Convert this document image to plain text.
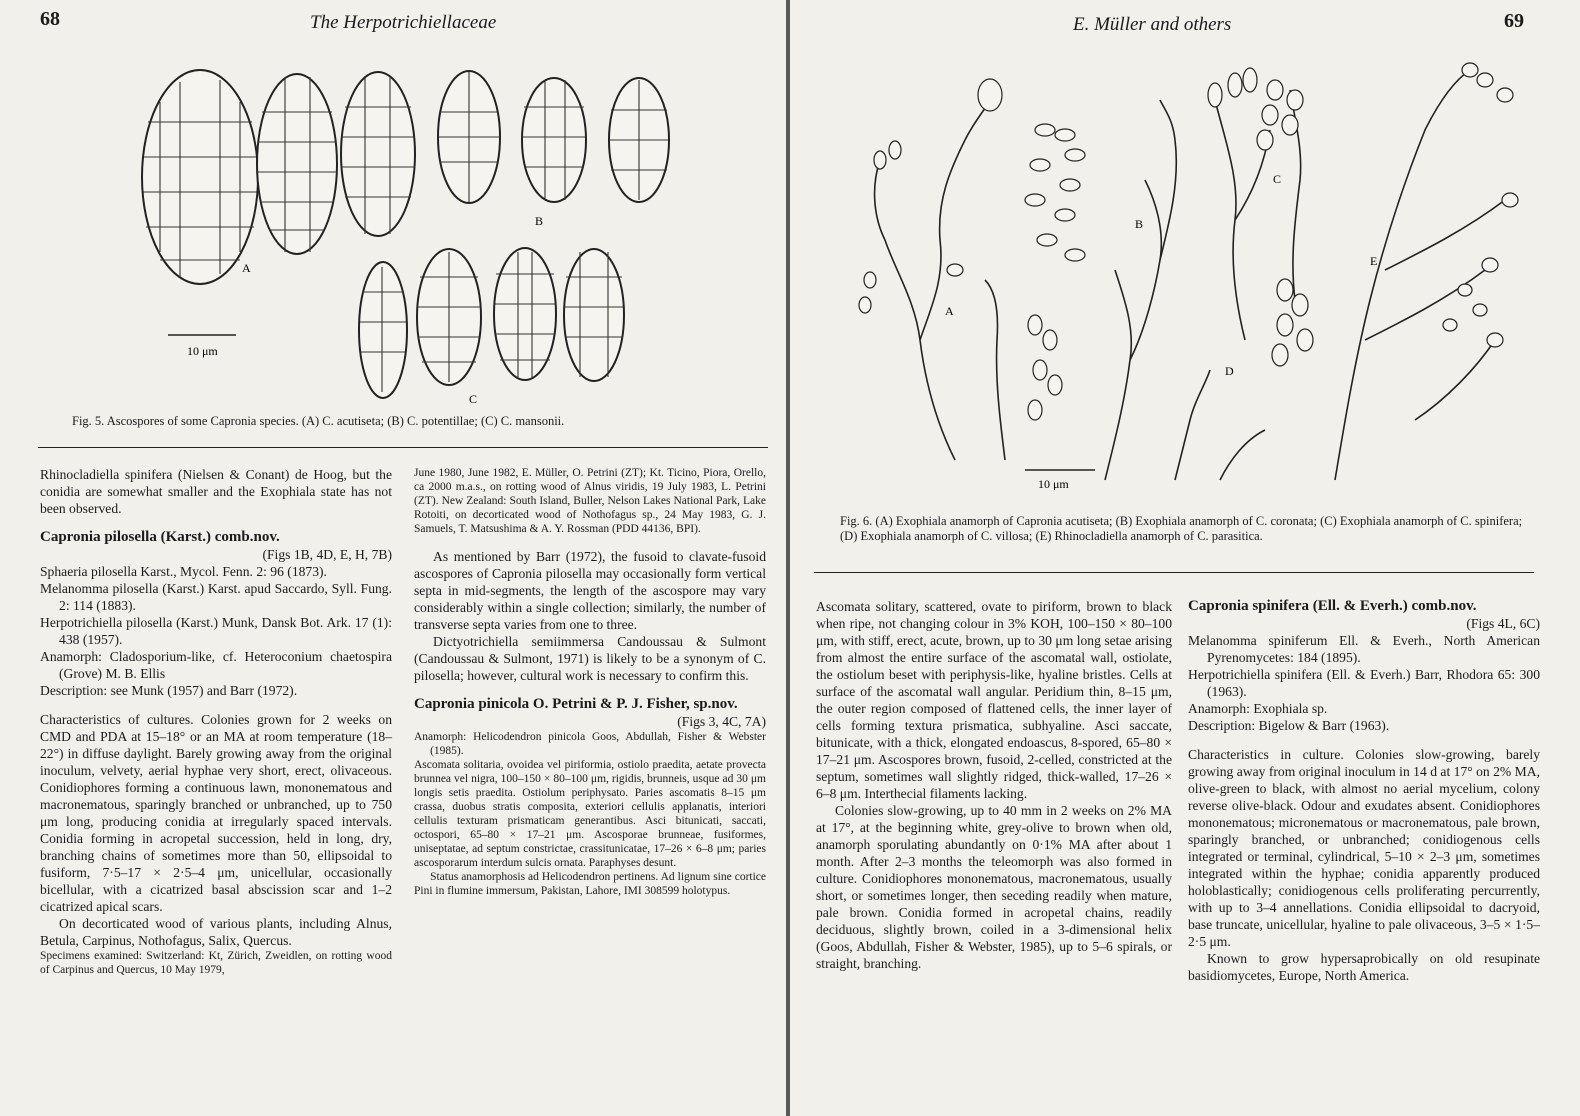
68	The Herpotrichiellaceae
A
B
C
10 μm
Fig. 5. Ascospores of some Capronia species. (A) C. acutiseta; (B) C. potentillae; (C) C. mansonii.

Rhinocladiella spinifera (Nielsen & Conant) de Hoog, but the conidia are somewhat smaller and the Exophiala state has not been observed.

Capronia pilosella (Karst.) comb.nov.

(Figs 1B, 4D, E, H, 7B)

Sphaeria pilosella Karst., Mycol. Fenn. 2: 96 (1873).

Melanomma pilosella (Karst.) Karst. apud Saccardo, Syll. Fung. 2: 114 (1883).

Herpotrichiella pilosella (Karst.) Munk, Dansk Bot. Ark. 17 (1): 438 (1957).

Anamorph: Cladosporium-like, cf. Heteroconium chaetospira (Grove) M. B. Ellis

Description: see Munk (1957) and Barr (1972).

Characteristics of cultures. Colonies grown for 2 weeks on CMD and PDA at 15–18° or an MA at room temperature (18–22°) in diffuse daylight. Barely growing away from the original inoculum, velvety, aerial hyphae very short, erect, olivaceous. Conidiophores forming a continuous lawn, mononematous and macronematous, sparingly branched or unbranched, up to 750 μm long, producing conidia at irregularly spaced intervals. Conidia forming in acropetal succession, held in long, dry, branching chains of sometimes more than 50, ellipsoidal to fusiform, 7·5–17 × 2·5–4 μm, unicellular, occasionally bicellular, with a cicatrized basal abscission scar and 1–2 cicatrized apical scars.

On decorticated wood of various plants, including Alnus, Betula, Carpinus, Nothofagus, Salix, Quercus.

Specimens examined: Switzerland: Kt, Zürich, Zweidlen, on rotting wood of Carpinus and Quercus, 10 May 1979,

June 1980, June 1982, E. Müller, O. Petrini (ZT); Kt. Ticino, Piora, Orello, ca 2000 m.a.s., on rotting wood of Alnus viridis, 19 July 1983, L. Petrini (ZT). New Zealand: South Island, Buller, Nelson Lakes National Park, Lake Rotoiti, on decorticated wood of Nothofagus sp., 24 May 1983, G. J. Samuels, T. Matsushima & A. Y. Rossman (PDD 44136, BPI).

As mentioned by Barr (1972), the fusoid to clavate-fusoid ascospores of Capronia pilosella may occasionally form vertical septa in mid-segments, the length of the ascospore may vary considerably within a single collection; similarly, the number of transverse septa varies from one to three.

Dictyotrichiella semiimmersa Candoussau & Sulmont (Candoussau & Sulmont, 1971) is likely to be a synonym of C. pilosella; however, cultural work is necessary to confirm this.

Capronia pinicola O. Petrini & P. J. Fisher, sp.nov.

(Figs 3, 4C, 7A)

Anamorph: Helicodendron pinicola Goos, Abdullah, Fisher & Webster (1985).

Ascomata solitaria, ovoidea vel piriformia, ostiolo praedita, aetate provecta brunnea vel nigra, 100–150 × 80–100 μm, rigidis, brunneis, usque ad 30 μm longis setis praedita. Ostiolum periphysato. Paries ascomatis 8–15 μm crassa, duobus stratis composita, exteriori cellulis applanatis, interiori cellulis texturam prismaticam generantibus. Asci bitunicati, saccati, octospori, 65–80 × 17–21 μm. Ascosporae brunneae, fusiformes, uniseptatae, ad septum constrictae, crassitunicatae, 17–26 × 6–8 μm; paries ascosporarum interdum sulcis ornata. Paraphyses desunt.

Status anamorphosis ad Helicodendron pertinens. Ad lignum sine cortice Pini in flumine immersum, Pakistan, Lahore, IMI 308599 holotypus.

E. Müller and others	69
A
B
C
D
E
10 μm
Fig. 6. (A) Exophiala anamorph of Capronia acutiseta; (B) Exophiala anamorph of C. coronata; (C) Exophiala anamorph of C. spinifera; (D) Exophiala anamorph of C. villosa; (E) Rhinocladiella anamorph of C. parasitica.

Ascomata solitary, scattered, ovate to piriform, brown to black when ripe, not changing colour in 3% KOH, 100–150 × 80–100 μm, with stiff, erect, acute, brown, up to 30 μm long setae arising from almost the entire surface of the ascomatal wall, ostiolate, the ostiolum beset with periphysis-like, hyaline bristles. Cells at surface of the ascomatal wall angular. Peridium thin, 8–15 μm, the outer region composed of flattened cells, the inner layer of cells forming textura prismatica, subhyaline. Asci saccate, bitunicate, with a thick, elongated endoascus, 8-spored, 65–80 × 17–21 μm. Ascospores brown, fusoid, 2-celled, constricted at the septum, sometimes wall slightly ridged, thick-walled, 17–26 × 6–8 μm. Interthecial filaments lacking.

Colonies slow-growing, up to 40 mm in 2 weeks on 2% MA at 17°, at the beginning white, grey-olive to brown when old, anamorph sporulating abundantly on 0·1% MA after about 1 month. After 2–3 months the teleomorph was also formed in culture. Conidiophores mononematous, macronematous, usually short, or sometimes longer, then seceding readily when mature, pale brown. Conidia formed in acropetal chains, readily deciduous, slightly brown, coiled in a 3-dimensional helix (Goos, Abdullah, Fisher & Webster, 1985), up to 5–6 spirals, or straight, branching.

Capronia spinifera (Ell. & Everh.) comb.nov.

(Figs 4L, 6C)

Melanomma spiniferum Ell. & Everh., North American Pyrenomycetes: 184 (1895).

Herpotrichiella spinifera (Ell. & Everh.) Barr, Rhodora 65: 300 (1963).

Anamorph: Exophiala sp.

Description: Bigelow & Barr (1963).

Characteristics in culture. Colonies slow-growing, barely growing away from original inoculum in 14 d at 17° on 2% MA, olive-green to black, with almost no aerial mycelium, colony reverse olive-black. Odour and exudates absent. Conidiophores mononematous; micronematous or macronematous, pale brown, sparingly branched, or unbranched; conidiogenous cells integrated or terminal, cylindrical, 5–10 × 2–3 μm, sometimes integrated within the hyphae; conidia apparently produced holoblastically; conidiogenous cells proliferating percurrently, with up to 3–4 annellations. Conidia ellipsoidal to dacryoid, base truncate, unicellular, hyaline to pale olivaceous, 3–5 × 1·5–2·5 μm.

Known to grow hypersaprobically on old resupinate basidiomycetes, Europe, North America.
